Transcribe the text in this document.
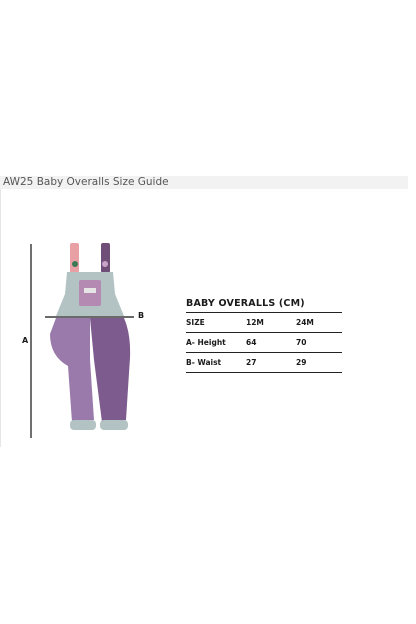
AW25 Baby Overalls Size Guide
A
B
BABY OVERALLS (CM)
SIZE	12M	24M
A- Height	64	70
B- Waist	27	29
